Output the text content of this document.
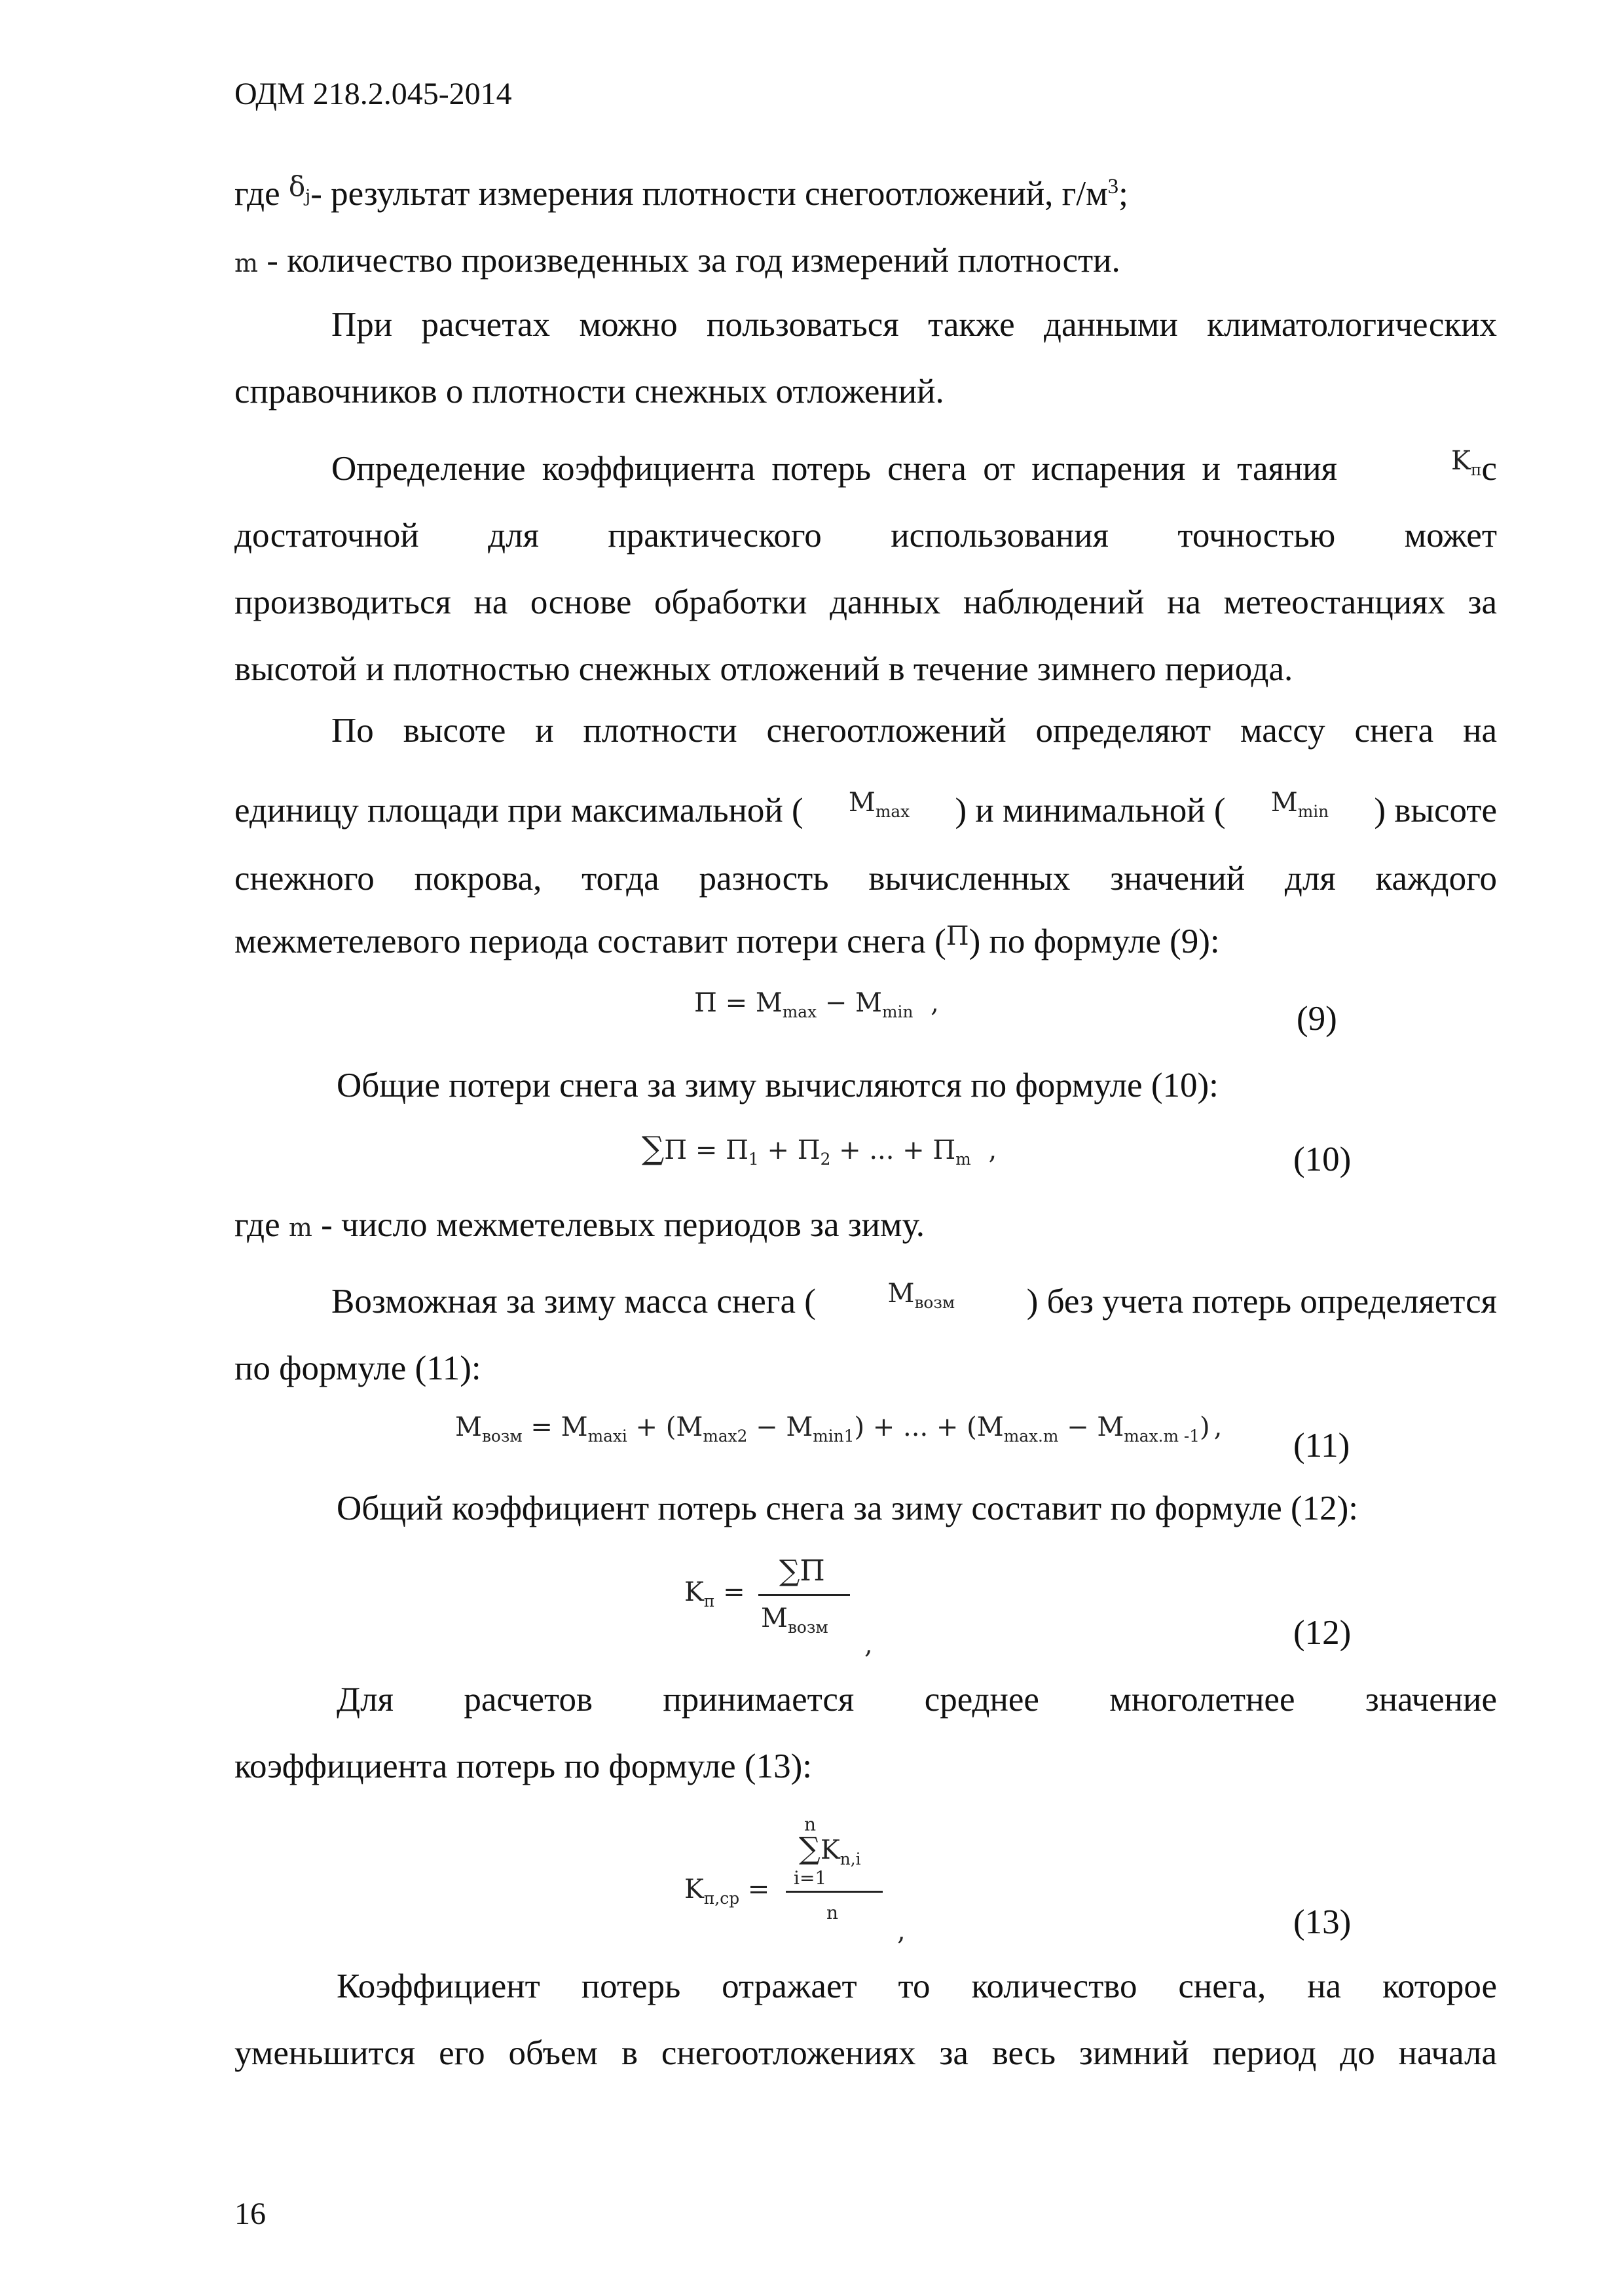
ОДМ 218.2.045-2014
где $^{\delta_j}$- результат измерения плотности снегоотложений, $г/м^3$;
m - количество произведенных за год измерений плотности.
При расчетах можно пользоваться также данными климатологических
справочников о плотности снежных отложений.
Определение коэффициента потерь снега от испарения и таяния	$^{K_п}$с
достаточной для практического использования точностью может
производиться на основе обработки данных наблюдений на метеостанциях за
высотой и плотностью снежных отложений в течение зимнего периода.
По высоте и плотности снегоотложений определяют массу снега на
единицу площади при максимальной ( $M_{max}$ ) и минимальной ( $M_{min}$ ) высоте
снежного покрова, тогда разность вычисленных значений для каждого
межметелевого периода составит потери снега ($^П$) по формуле (9):
$П = M_{max} - M_{min}$ ,	(9)
Общие потери снега за зиму вычисляются по формуле (10):
$\sum П = П_1 + П_2$ + ... + $П_m$ ,	(10)
где m - число межметелевых периодов за зиму.
Возможная за зиму масса снега (	$M_{возм}$ ) без учета потерь определяется
по формуле (11):
$M_{возм} = M_{maxi} + (M_{max2} - M_{min1})$ + ... + $(M_{max.m} - M_{max.m -1})$ , (11)
Общий коэффициент потерь снега за зиму составит по формуле (12):
$K_п$ =
∑П
$M_{возм}$
,	(12)
Для расчетов принимается среднее многолетнее значение
коэффициента потерь по формуле (13):
n
$\sum K_{n,i}$
i=1
n
$K_{п,ср}$ =
,	(13)
Коэффициент потерь отражает то количество снега, на которое
уменьшится его объем в снегоотложениях за весь зимний период до начала
16
